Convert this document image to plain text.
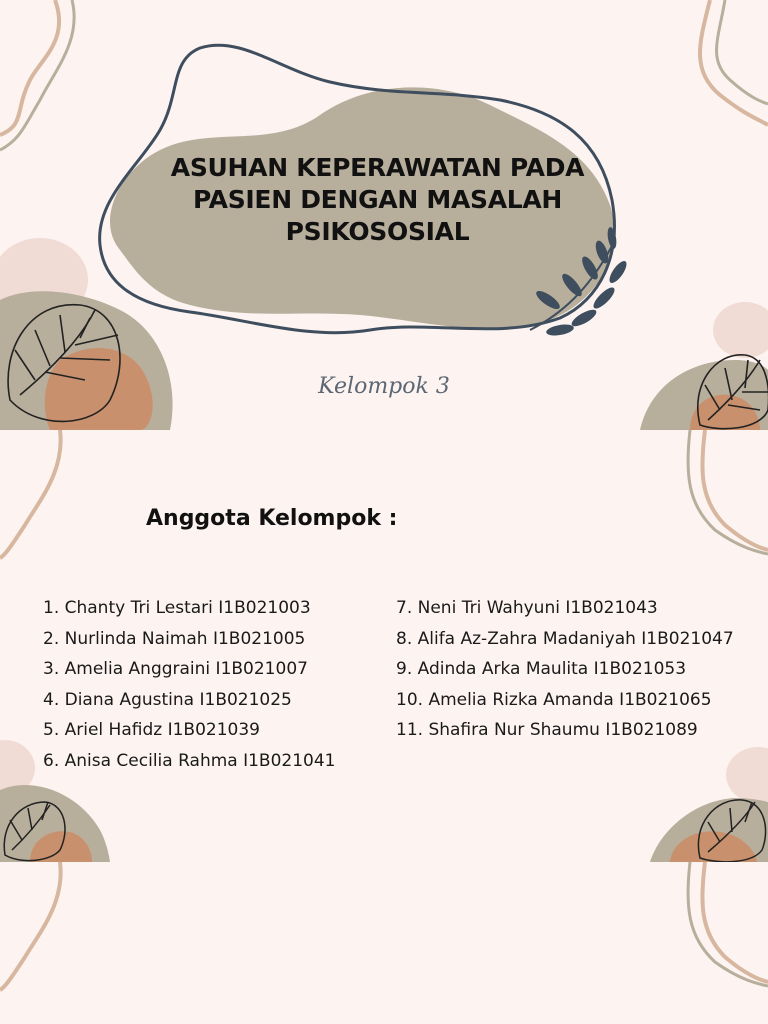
ASUHAN KEPERAWATAN PADA PASIEN DENGAN MASALAH PSIKOSOSIAL

Kelompok 3

Anggota Kelompok :
1. Chanty Tri Lestari I1B021003
2. Nurlinda Naimah I1B021005
3. Amelia Anggraini I1B021007
4. Diana Agustina I1B021025
5. Ariel Hafidz I1B021039
6. Anisa Cecilia Rahma I1B021041
7. Neni Tri Wahyuni I1B021043
8. Alifa Az-Zahra Madaniyah I1B021047
9. Adinda Arka Maulita I1B021053
10. Amelia Rizka Amanda I1B021065
11. Shafira Nur Shaumu I1B021089
